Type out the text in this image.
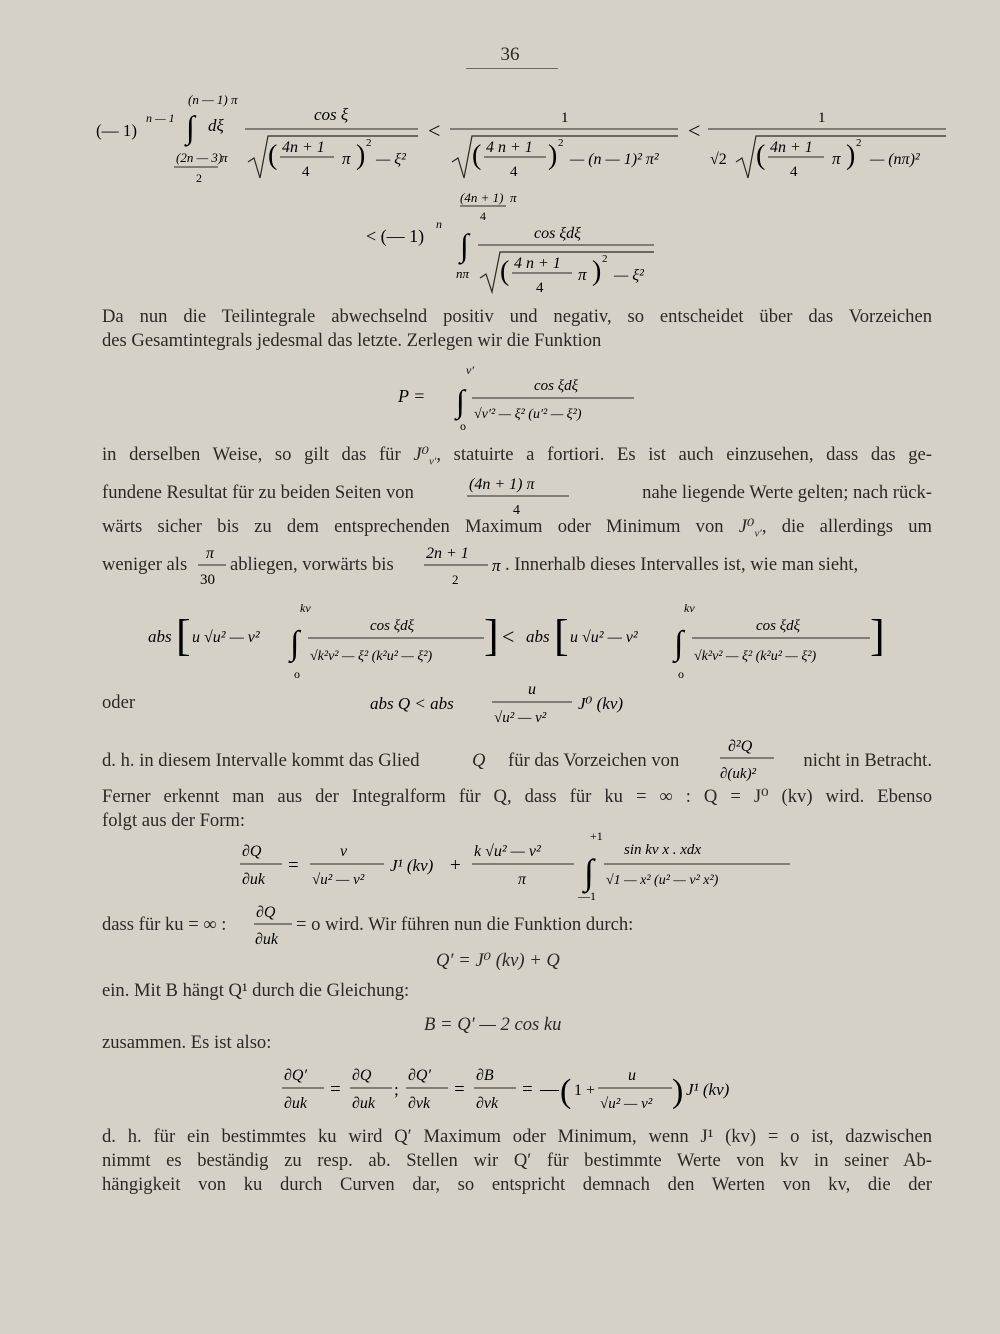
36
(— 1)
n — 1
(n — 1) π
∫ dξ
(2n — 3)
π
2
cos ξ
( 4n + 1
4
π ) 2
— ξ²
<	1
( 4 n + 1
4
) 2
— (n — 1)² π²
<	1
√2 ( 4n + 1
4
π ) 2
— (nπ)²
< (— 1)
n
(4n + 1) π
4
∫
nπ
cos ξdξ
( 4 n + 1
4
π ) 2
— ξ²
Da nun die Teilintegrale abwechselnd positiv und negativ, so entscheidet über das Vorzeichen
des Gesamtintegrals jedesmal das letzte. Zerlegen wir die Funktion
P =
v′
∫
o
cos ξdξ
√v′² — ξ² (u′² — ξ²)
in derselben Weise, so gilt das für $J^0_{v'}$, statuirte a fortiori. Es ist auch einzusehen, dass das ge-
fundene Resultat für zu beiden Seiten von	(4n + 1) π
4
nahe liegende Werte gelten; nach rück-
wärts sicher bis zu dem entsprechenden Maximum oder Minimum von $J^0_{v'}$, die allerdings um
weniger als
π
30
abliegen, vorwärts bis
2n + 1
2
π . Innerhalb dieses Intervalles ist, wie man sieht,
abs [ u √u² — v²
kv
∫
o
cos ξdξ
√k²v² — ξ² (k²u² — ξ²) ] < abs [ u √u² — v²
kv
∫
o
cos ξdξ
√k²v² — ξ² (k²u² — ξ²) ]
oder	abs Q < abs
u
√u² — v²
J⁰ (kv)
d. h. in diesem Intervalle kommt das Glied	Q für das Vorzeichen von
∂²Q
∂(uk)²
nicht in Betracht.
Ferner erkennt man aus der Integralform für Q, dass für ku = ∞ : Q = J⁰ (kv) wird. Ebenso
folgt aus der Form:
∂Q
∂uk
=
v
√u² — v²
J¹ (kv) +
k √u² — v²
π
+1
∫
—1
sin kv x . xdx
√1 — x² (u² — v² x²)
dass für ku = ∞ :
∂Q
∂uk
= o wird. Wir führen nun die Funktion durch:
Q′ = J⁰ (kv) + Q
ein. Mit B hängt Q¹ durch die Gleichung:
B = Q′ — 2 cos ku
zusammen. Es ist also:
∂Q′
∂uk
=
∂Q
∂uk
;
∂Q′
∂vk
=
∂B
∂vk
= — ( 1 +
u
√u² — v² ) J¹ (kv)
d. h. für ein bestimmtes ku wird Q′ Maximum oder Minimum, wenn J¹ (kv) = o ist, dazwischen
nimmt es beständig zu resp. ab. Stellen wir Q′ für bestimmte Werte von kv in seiner Ab-
hängigkeit von ku durch Curven dar, so entspricht demnach den Werten von kv, die der
